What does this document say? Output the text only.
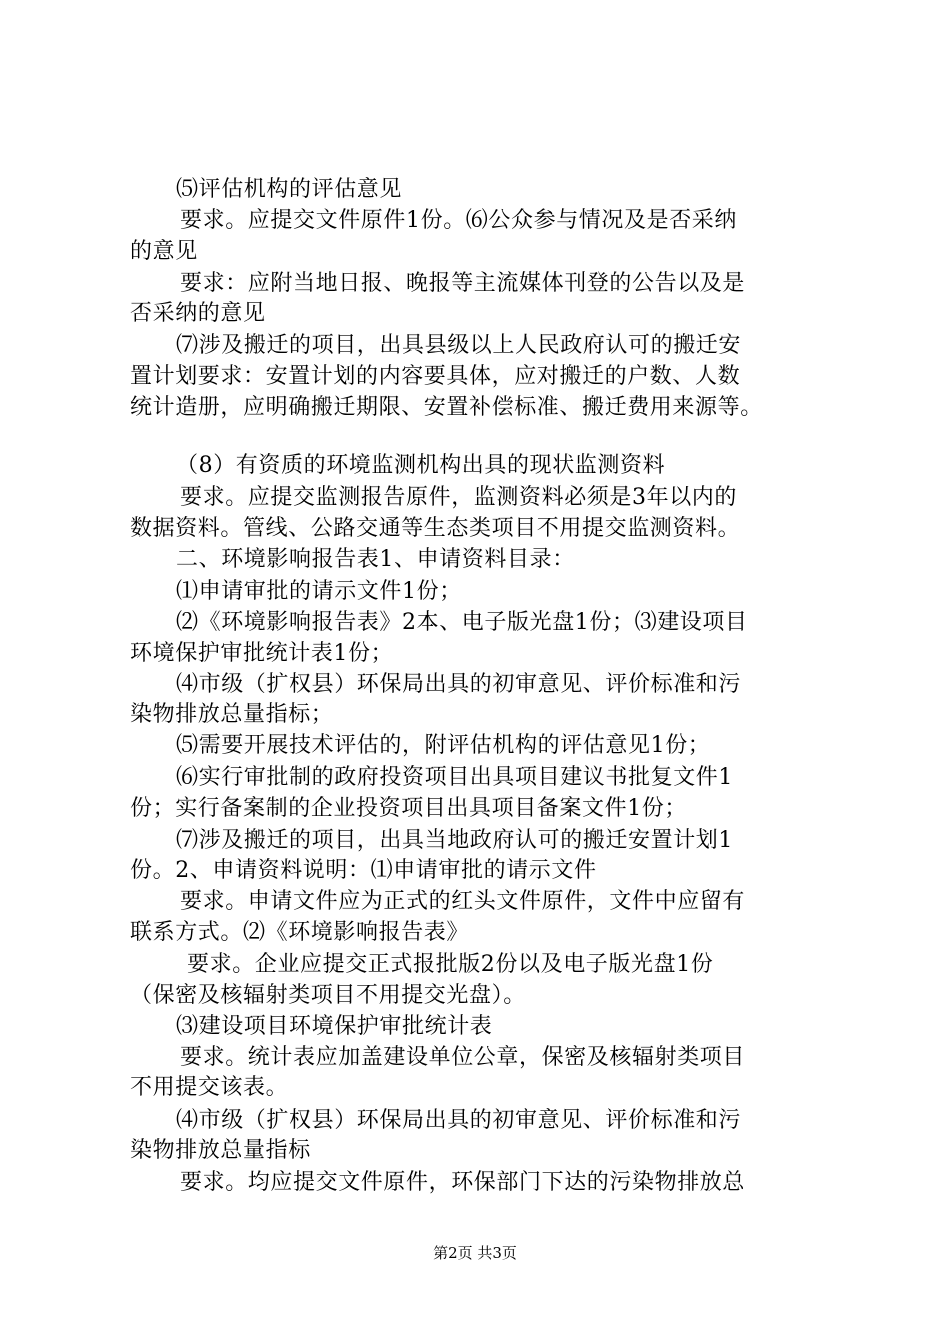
⑸评估机构的评估意见
要求。应提交文件原件1份。⑹公众参与情况及是否采纳
的意见
要求：应附当地日报、晚报等主流媒体刊登的公告以及是
否采纳的意见
⑺涉及搬迁的项目，出具县级以上人民政府认可的搬迁安
置计划要求：安置计划的内容要具体，应对搬迁的户数、人数
统计造册，应明确搬迁期限、安置补偿标准、搬迁费用来源等。
（8）有资质的环境监测机构出具的现状监测资料
要求。应提交监测报告原件，监测资料必须是3年以内的
数据资料。管线、公路交通等生态类项目不用提交监测资料。
二、环境影响报告表1、申请资料目录：
⑴申请审批的请示文件1份；
⑵《环境影响报告表》2本、电子版光盘1份；⑶建设项目
环境保护审批统计表1份；
⑷市级（扩权县）环保局出具的初审意见、评价标准和污
染物排放总量指标；
⑸需要开展技术评估的，附评估机构的评估意见1份；
⑹实行审批制的政府投资项目出具项目建议书批复文件1
份；实行备案制的企业投资项目出具项目备案文件1份；
⑺涉及搬迁的项目，出具当地政府认可的搬迁安置计划1
份。2、申请资料说明：⑴申请审批的请示文件
要求。申请文件应为正式的红头文件原件，文件中应留有
联系方式。⑵《环境影响报告表》
要求。企业应提交正式报批版2份以及电子版光盘1份
（保密及核辐射类项目不用提交光盘）。
⑶建设项目环境保护审批统计表
要求。统计表应加盖建设单位公章，保密及核辐射类项目
不用提交该表。
⑷市级（扩权县）环保局出具的初审意见、评价标准和污
染物排放总量指标
要求。均应提交文件原件，环保部门下达的污染物排放总
第2页 共3页
